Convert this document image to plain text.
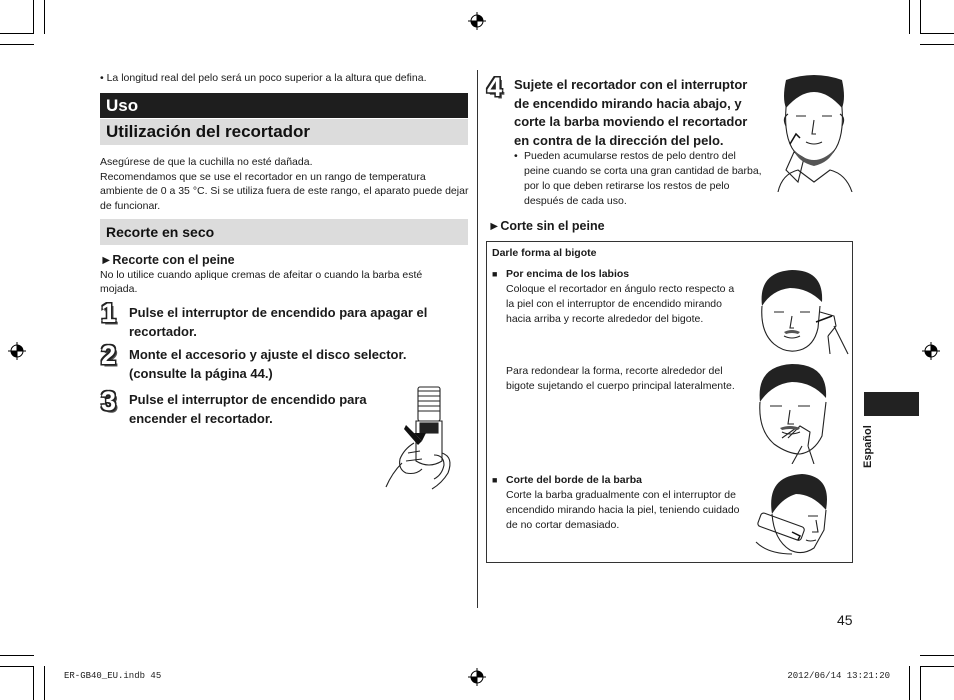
• La longitud real del pelo será un poco superior a la altura que defina.
Uso
Utilización del recortador
Asegúrese de que la cuchilla no esté dañada.
Recomendamos que se use el recortador en un rango de temperatura ambiente de 0 a 35 °C. Si se utiliza fuera de este rango, el aparato puede dejar de funcionar.
Recorte en seco
►Recorte con el peine
No lo utilice cuando aplique cremas de afeitar o cuando la barba esté mojada.
1 Pulse el interruptor de encendido para apagar el recortador.
2 Monte el accesorio y ajuste el disco selector. (consulte la página 44.)
3 Pulse el interruptor de encendido para encender el recortador.
4 Sujete el recortador con el interruptor de encendido mirando hacia abajo, y corte la barba moviendo el recortador en contra de la dirección del pelo.
• Pueden acumularse restos de pelo dentro del peine cuando se corta una gran cantidad de barba, por lo que deben retirarse los restos de pelo después de cada uso.
►Corte sin el peine
Darle forma al bigote
■ Por encima de los labios
Coloque el recortador en ángulo recto respecto a la piel con el interruptor de encendido mirando hacia arriba y recorte alrededor del bigote.
Para redondear la forma, recorte alrededor del bigote sujetando el cuerpo principal lateralmente.
■ Corte del borde de la barba
Corte la barba gradualmente con el interruptor de encendido mirando hacia la piel, teniendo cuidado de no cortar demasiado.
Español
45
ER-GB40_EU.indb 45	2012/06/14 13:21:20
